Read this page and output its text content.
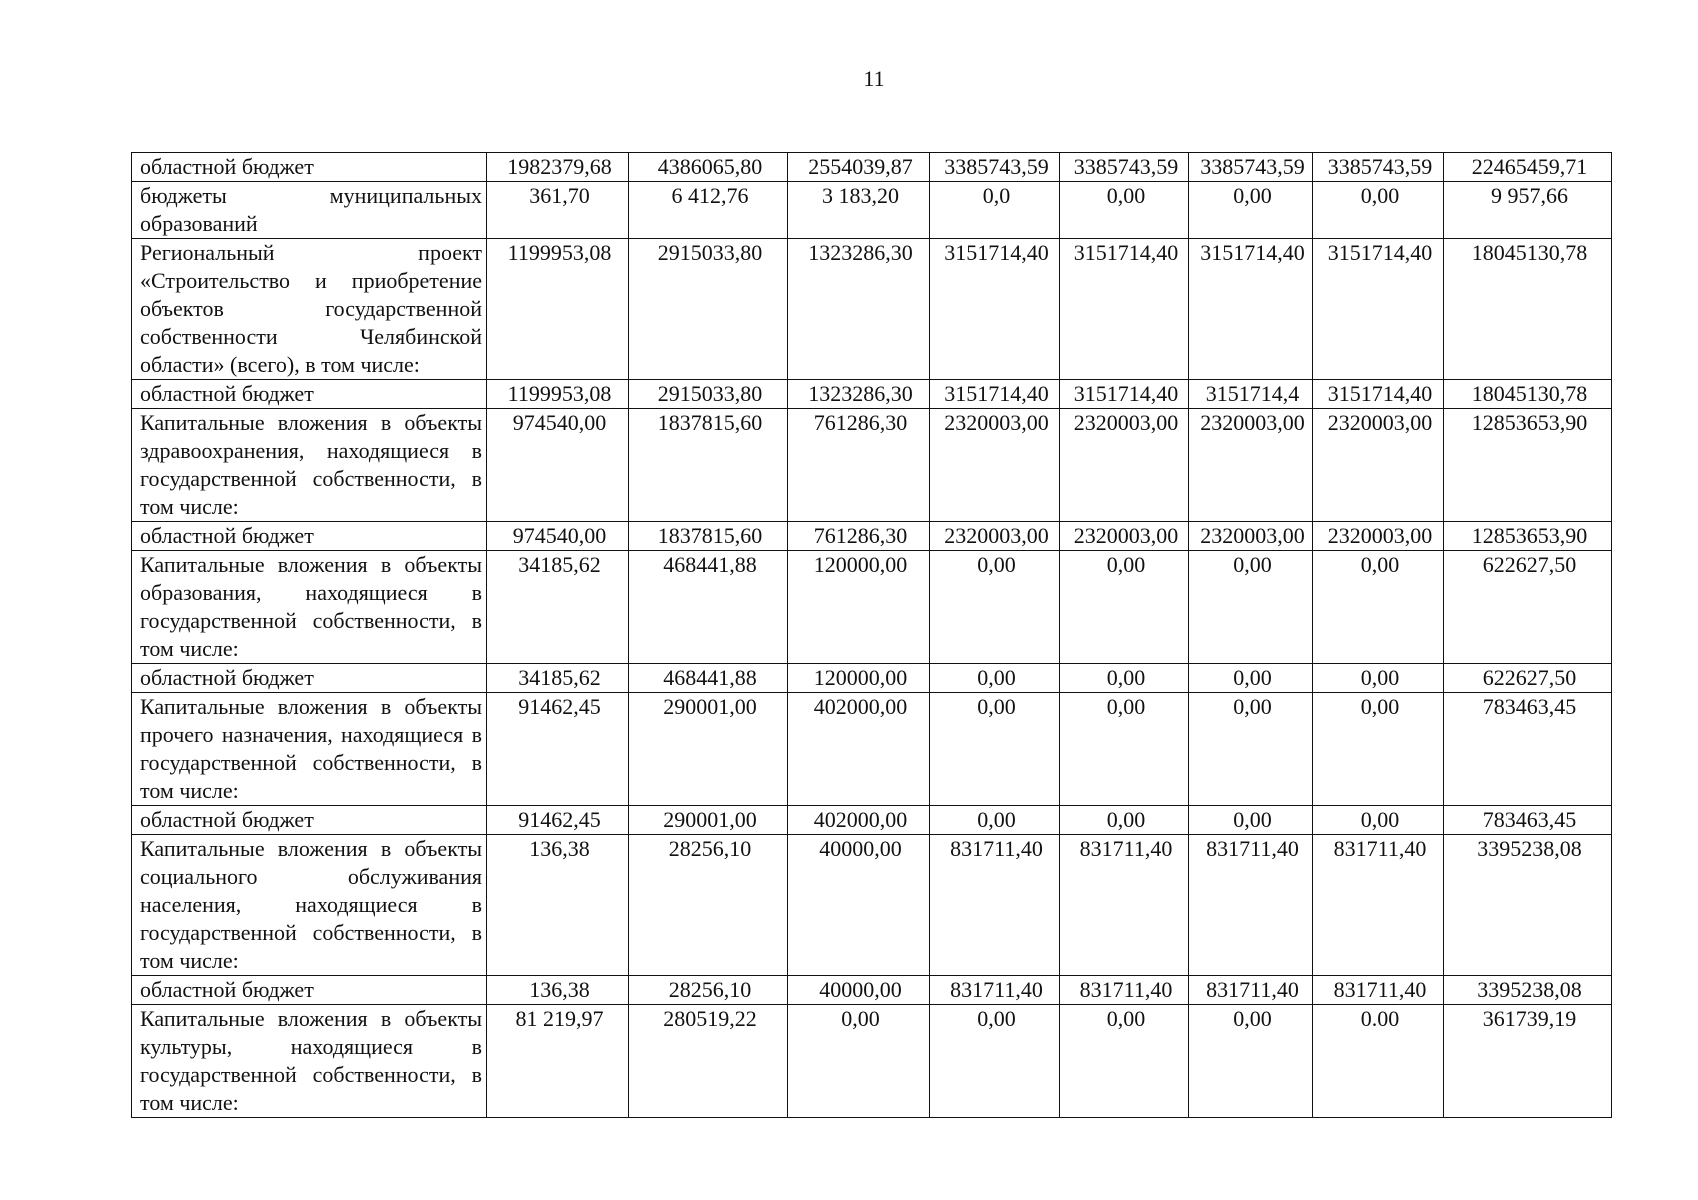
11
областной бюджет	1982379,68	4386065,80	2554039,87	3385743,59	3385743,59	3385743,59	3385743,59	22465459,71
бюджеты муниципальных образований	361,70	6 412,76	3 183,20	0,0	0,00	0,00	0,00	9 957,66
Региональный проект «Строительство и приобретение объектов государственной собственности Челябинской области» (всего), в том числе:	1199953,08	2915033,80	1323286,30	3151714,40	3151714,40	3151714,40	3151714,40	18045130,78
областной бюджет	1199953,08	2915033,80	1323286,30	3151714,40	3151714,40	3151714,4	3151714,40	18045130,78
Капитальные вложения в объекты здравоохранения, находящиеся в государственной собственности, в том числе:	974540,00	1837815,60	761286,30	2320003,00	2320003,00	2320003,00	2320003,00	12853653,90
областной бюджет	974540,00	1837815,60	761286,30	2320003,00	2320003,00	2320003,00	2320003,00	12853653,90
Капитальные вложения в объекты образования, находящиеся в государственной собственности, в том числе:	34185,62	468441,88	120000,00	0,00	0,00	0,00	0,00	622627,50
областной бюджет	34185,62	468441,88	120000,00	0,00	0,00	0,00	0,00	622627,50
Капитальные вложения в объекты прочего назначения, находящиеся в государственной собственности, в том числе:	91462,45	290001,00	402000,00	0,00	0,00	0,00	0,00	783463,45
областной бюджет	91462,45	290001,00	402000,00	0,00	0,00	0,00	0,00	783463,45
Капитальные вложения в объекты социального обслуживания населения, находящиеся в государственной собственности, в том числе:	136,38	28256,10	40000,00	831711,40	831711,40	831711,40	831711,40	3395238,08
областной бюджет	136,38	28256,10	40000,00	831711,40	831711,40	831711,40	831711,40	3395238,08
Капитальные вложения в объекты культуры, находящиеся в государственной собственности, в том числе:	81 219,97	280519,22	0,00	0,00	0,00	0,00	0.00	361739,19
